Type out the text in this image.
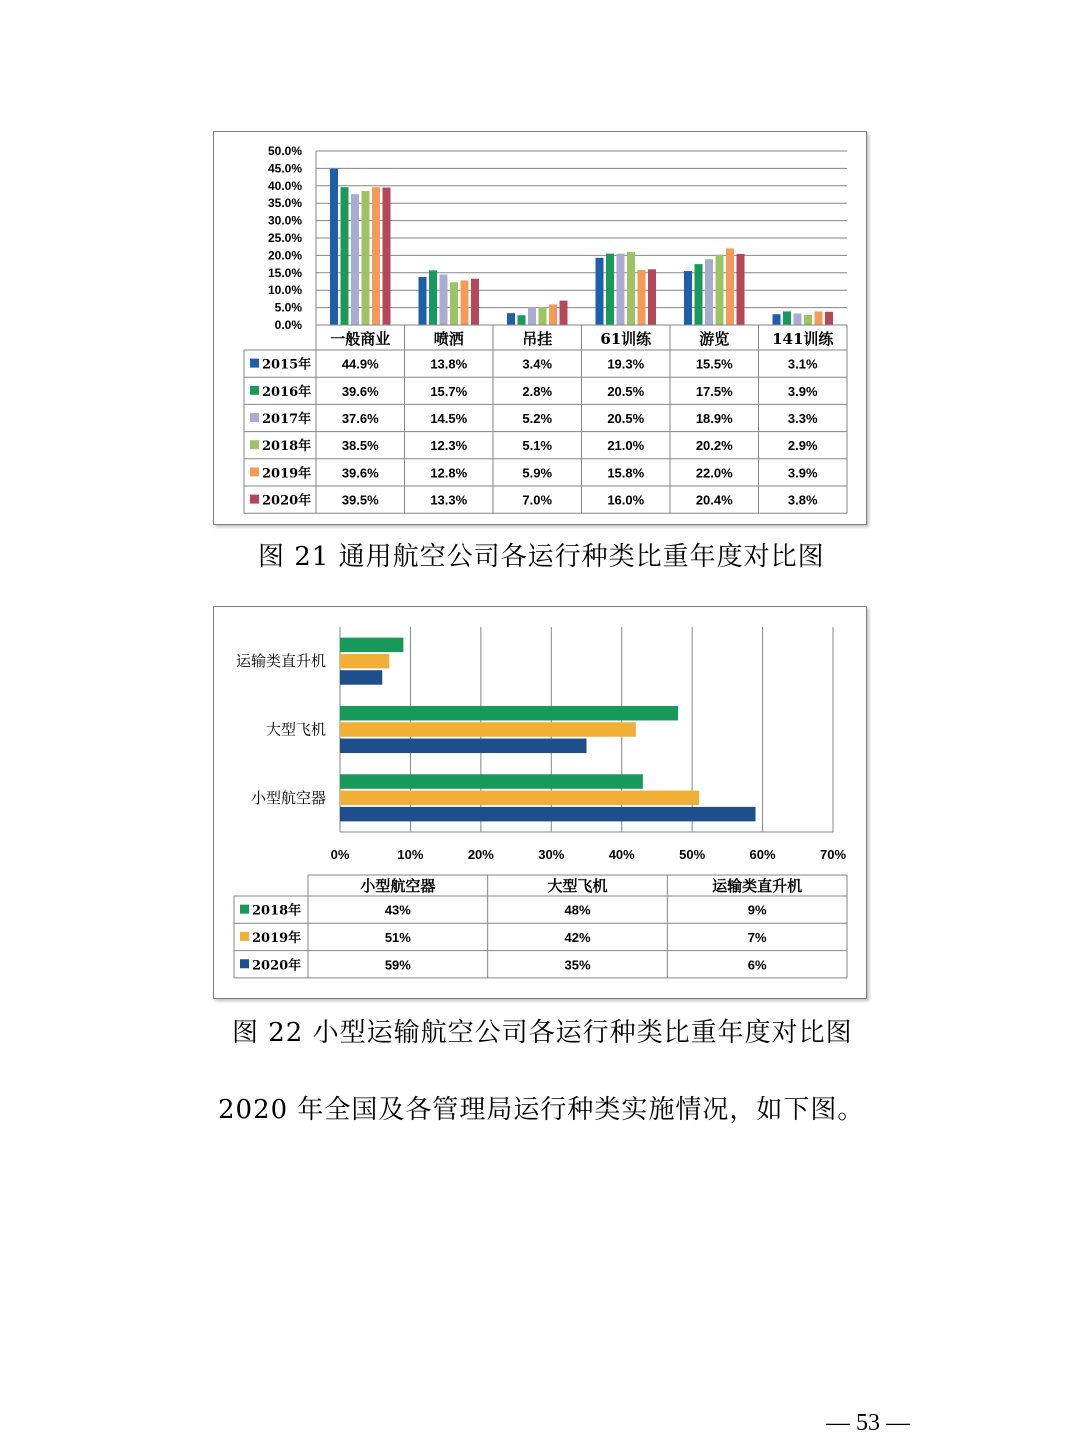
0.0%
5.0%
10.0%
15.0%
20.0%
25.0%
30.0%
35.0%
40.0%
45.0%
50.0%
一般商业	喷洒	吊挂	61训练	游览	141训练
2015年 44.9%	13.8%	3.4%	19.3%	15.5%	3.1%
2016年 39.6%	15.7%	2.8%	20.5%	17.5%	3.9%
2017年 37.6%	14.5%	5.2%	20.5%	18.9%	3.3%
2018年 38.5%	12.3%	5.1%	21.0%	20.2%	2.9%
2019年 39.6%	12.8%	5.9%	15.8%	22.0%	3.9%
2020年 39.5%	13.3%	7.0%	16.0%	20.4%	3.8%
图 21 通用航空公司各运行种类比重年度对比图
0%	10%	20%	30%	40%	50%	60%	70%
小型航空器
大型飞机
运输类直升机
小型航空器	大型飞机	运输类直升机
2018年	43%	48%	9%
2019年	51%	42%	7%
2020年	59%	35%	6%
图 22 小型运输航空公司各运行种类比重年度对比图
2020 年全国及各管理局运行种类实施情况，如下图。
— 53 —
